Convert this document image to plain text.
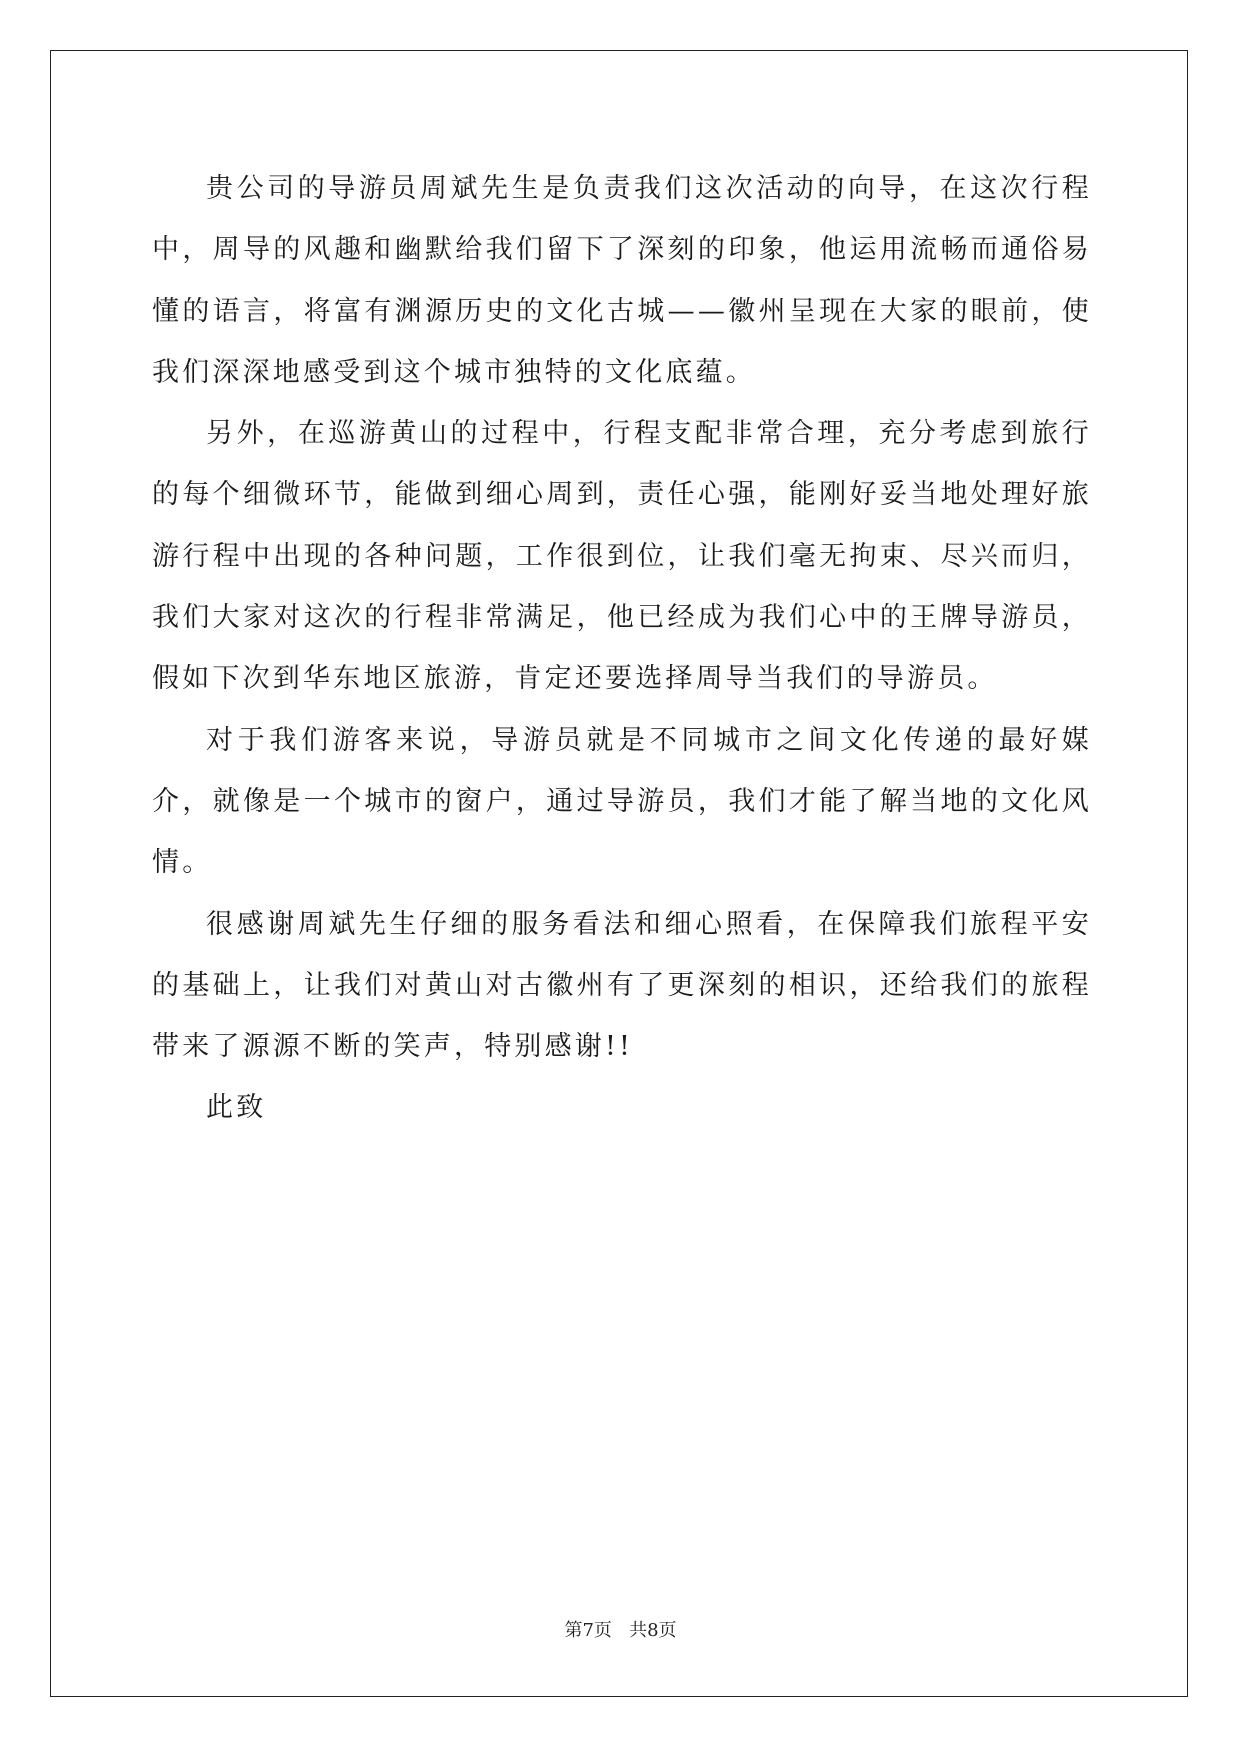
贵公司的导游员周斌先生是负责我们这次活动的向导，在这次行程中，周导的风趣和幽默给我们留下了深刻的印象，他运用流畅而通俗易懂的语言，将富有渊源历史的文化古城——徽州呈现在大家的眼前，使我们深深地感受到这个城市独特的文化底蕴。

另外，在巡游黄山的过程中，行程支配非常合理，充分考虑到旅行的每个细微环节，能做到细心周到，责任心强，能刚好妥当地处理好旅游行程中出现的各种问题，工作很到位，让我们毫无拘束、尽兴而归，我们大家对这次的行程非常满足，他已经成为我们心中的王牌导游员，假如下次到华东地区旅游，肯定还要选择周导当我们的导游员。

对于我们游客来说，导游员就是不同城市之间文化传递的最好媒介，就像是一个城市的窗户，通过导游员，我们才能了解当地的文化风情。

很感谢周斌先生仔细的服务看法和细心照看，在保障我们旅程平安的基础上，让我们对黄山对古徽州有了更深刻的相识，还给我们的旅程带来了源源不断的笑声，特别感谢!!

此致

第7页 共8页
